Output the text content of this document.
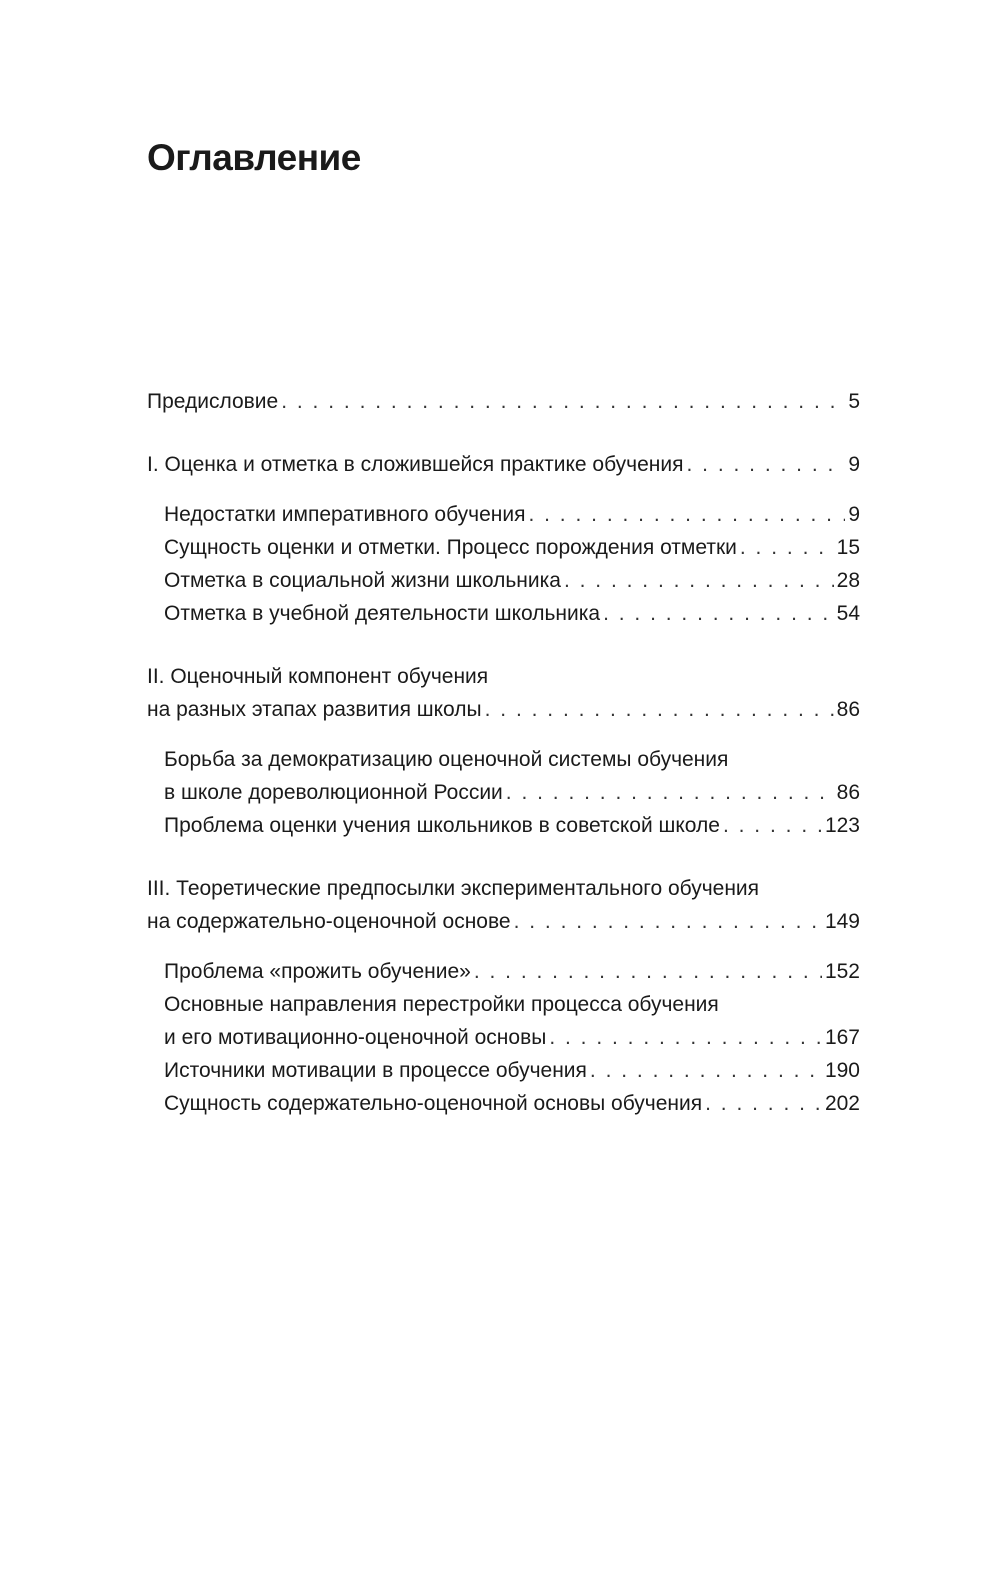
Оглавление
Предисловие . . .	5
I. Оценка и отметка в сложившейся практике обучения . . .	9
Недостатки императивного обучения . . .	9
Сущность оценки и отметки. Процесс порождения отметки . . .	15
Отметка в социальной жизни школьника . . .	28
Отметка в учебной деятельности школьника . . .	54
II. Оценочный компонент обучения
на разных этапах развития школы . . .	86
Борьба за демократизацию оценочной системы обучения
в школе дореволюционной России . . .	86
Проблема оценки учения школьников в советской школе . . .	123
III. Теоретические предпосылки экспериментального обучения
на содержательно-оценочной основе . . .	149
Проблема «прожить обучение» . . .	152
Основные направления перестройки процесса обучения
и его мотивационно-оценочной основы . . .	167
Источники мотивации в процессе обучения . . .	190
Сущность содержательно-оценочной основы обучения . . .	202
